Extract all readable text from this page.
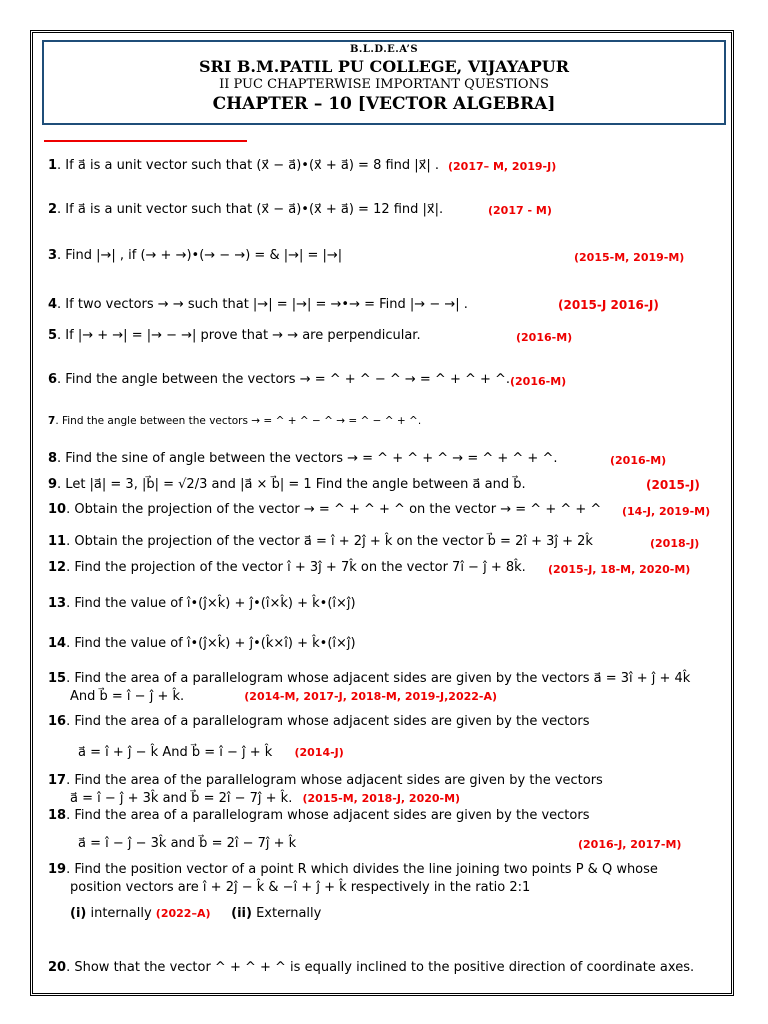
B.L.D.E.A’S
SRI B.M.PATIL PU COLLEGE, VIJAYAPUR
II PUC CHAPTERWISE IMPORTANT QUESTIONS
CHAPTER – 10 [VECTOR ALGEBRA]
1. If a⃗ is a unit vector such that (x⃗ − a⃗)•(x⃗ + a⃗) = 8 find |x⃗| . (2017– M, 2019-J)
2. If a⃗ is a unit vector such that (x⃗ − a⃗)•(x⃗ + a⃗) = 12 find |x⃗|.	(2017 - M)
3. Find |→| , if (→ + →)•(→ − →) = & |→| = |→|	(2015-M, 2019-M)
4. If two vectors → → such that |→| = |→| = →•→ = Find |→ − →| .	(2015-J 2016-J)
5. If |→ + →| = |→ − →| prove that → → are perpendicular.	(2016-M)
6. Find the angle between the vectors → = ^ + ^ − ^ → = ^ + ^ + ^. (2016-M)
7. Find the angle between the vectors → = ^ + ^ − ^ → = ^ − ^ + ^.
8. Find the sine of angle between the vectors → = ^ + ^ + ^ → = ^ + ^ + ^.	(2016-M)
9. Let |a⃗| = 3, |b⃗| = √2/3 and |a⃗ × b⃗| = 1 Find the angle between a⃗ and b⃗.	(2015-J)
10. Obtain the projection of the vector → = ^ + ^ + ^ on the vector → = ^ + ^ + ^ (14-J, 2019-M)
11. Obtain the projection of the vector a⃗ = î + 2ĵ + k̂ on the vector b⃗ = 2î + 3ĵ + 2k̂	(2018-J)
12. Find the projection of the vector î + 3ĵ + 7k̂ on the vector 7î − ĵ + 8k̂. (2015-J, 18-M, 2020-M)
13. Find the value of î•(ĵ×k̂) + ĵ•(î×k̂) + k̂•(î×ĵ)
14. Find the value of î•(ĵ×k̂) + ĵ•(k̂×î) + k̂•(î×ĵ)
15. Find the area of a parallelogram whose adjacent sides are given by the vectors a⃗ = 3î + ĵ + 4k̂
And b⃗ = î − ĵ + k̂.	(2014-M, 2017-J, 2018-M, 2019-J,2022-A)
16. Find the area of a parallelogram whose adjacent sides are given by the vectors
a⃗ = î + ĵ − k̂ And b⃗ = î − ĵ + k̂ (2014-J)
17. Find the area of the parallelogram whose adjacent sides are given by the vectors
a⃗ = î − ĵ + 3k̂ and b⃗ = 2î − 7ĵ + k̂. (2015-M, 2018-J, 2020-M)
18. Find the area of a parallelogram whose adjacent sides are given by the vectors
a⃗ = î − ĵ − 3k̂ and b⃗ = 2î − 7ĵ + k̂	(2016-J, 2017-M)
19. Find the position vector of a point R which divides the line joining two points P & Q whose
position vectors are î + 2ĵ − k̂ & −î + ĵ + k̂ respectively in the ratio 2:1
(i) internally (2022–A) (ii) Externally
20. Show that the vector ^ + ^ + ^ is equally inclined to the positive direction of coordinate axes.
